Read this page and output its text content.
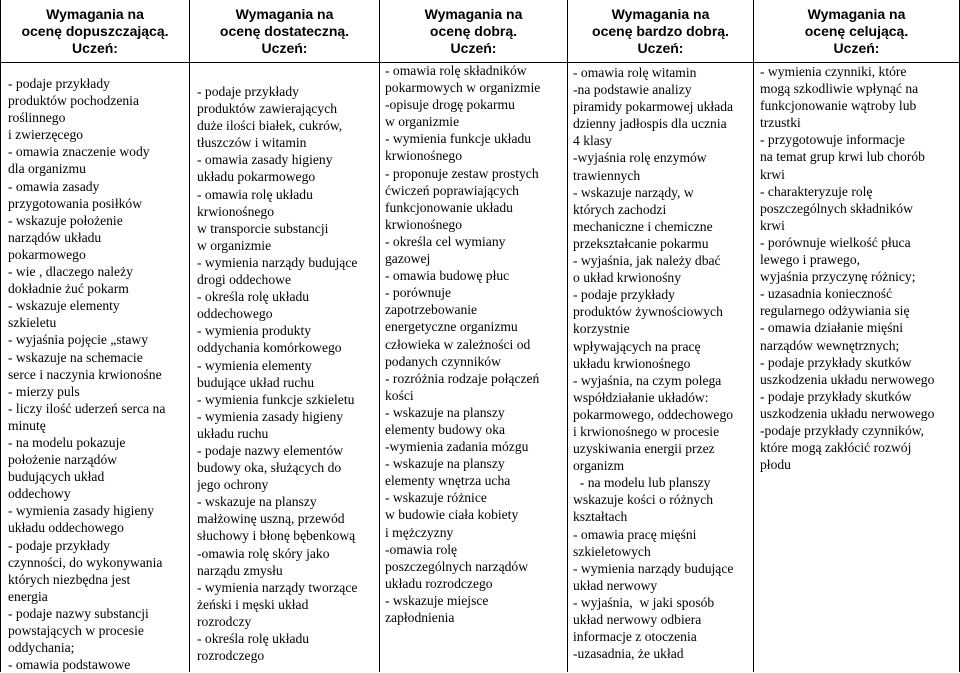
Wymagania na
ocenę dopuszczającą.
Uczeń:
- podaje przykłady
produktów pochodzenia
roślinnego
i zwierzęcego
- omawia znaczenie wody
dla organizmu
- omawia zasady
przygotowania posiłków
- wskazuje położenie
narządów układu
pokarmowego
- wie , dlaczego należy
dokładnie żuć pokarm
- wskazuje elementy
szkieletu
- wyjaśnia pojęcie „stawy
- wskazuje na schemacie
serce i naczynia krwionośne
- mierzy puls
- liczy ilość uderzeń serca na
minutę
- na modelu pokazuje
położenie narządów
budujących układ
oddechowy
- wymienia zasady higieny
układu oddechowego
- podaje przykłady
czynności, do wykonywania
których niezbędna jest
energia
- podaje nazwy substancji
powstających w procesie
oddychania;
- omawia podstawowe
Wymagania na
ocenę dostateczną.
Uczeń:
- podaje przykłady
produktów zawierających
duże ilości białek, cukrów,
tłuszczów i witamin
- omawia zasady higieny
układu pokarmowego
- omawia rolę układu
krwionośnego
w transporcie substancji
w organizmie
- wymienia narządy budujące
drogi oddechowe
- określa rolę układu
oddechowego
- wymienia produkty
oddychania komórkowego
- wymienia elementy
budujące układ ruchu
- wymienia funkcje szkieletu
- wymienia zasady higieny
układu ruchu
- podaje nazwy elementów
budowy oka, służących do
jego ochrony
- wskazuje na planszy
małżowinę uszną, przewód
słuchowy i błonę bębenkową
-omawia rolę skóry jako
narządu zmysłu
- wymienia narządy tworzące
żeński i męski układ
rozrodczy
- określa rolę układu
rozrodczego
Wymagania na
ocenę dobrą.
Uczeń:
- omawia rolę składników
pokarmowych w organizmie
-opisuje drogę pokarmu
w organizmie
- wymienia funkcje układu
krwionośnego
- proponuje zestaw prostych
ćwiczeń poprawiających
funkcjonowanie układu
krwionośnego
- określa cel wymiany
gazowej
- omawia budowę płuc
- porównuje
zapotrzebowanie
energetyczne organizmu
człowieka w zależności od
podanych czynników
- rozróżnia rodzaje połączeń
kości
- wskazuje na planszy
elementy budowy oka
-wymienia zadania mózgu
- wskazuje na planszy
elementy wnętrza ucha
- wskazuje różnice
w budowie ciała kobiety
i mężczyzny
-omawia rolę
poszczególnych narządów
układu rozrodczego
- wskazuje miejsce
zapłodnienia
Wymagania na
ocenę bardzo dobrą.
Uczeń:
- omawia rolę witamin
-na podstawie analizy
piramidy pokarmowej układa
dzienny jadłospis dla ucznia
4 klasy
-wyjaśnia rolę enzymów
trawiennych
- wskazuje narządy, w
których zachodzi
mechaniczne i chemiczne
przekształcanie pokarmu
- wyjaśnia, jak należy dbać
o układ krwionośny
- podaje przykłady
produktów żywnościowych
korzystnie
wpływających na pracę
układu krwionośnego
- wyjaśnia, na czym polega
współdziałanie układów:
pokarmowego, oddechowego
i krwionośnego w procesie
uzyskiwania energii przez
organizm
- na modelu lub planszy
wskazuje kości o różnych
kształtach
- omawia pracę mięśni
szkieletowych
- wymienia narządy budujące
układ nerwowy
- wyjaśnia,  w jaki sposób
układ nerwowy odbiera
informacje z otoczenia
-uzasadnia, że układ
Wymagania na
ocenę celującą.
Uczeń:
- wymienia czynniki, które
mogą szkodliwie wpłynąć na
funkcjonowanie wątroby lub
trzustki
- przygotowuje informacje
na temat grup krwi lub chorób
krwi
- charakteryzuje rolę
poszczególnych składników
krwi
- porównuje wielkość płuca
lewego i prawego,
wyjaśnia przyczynę różnicy;
- uzasadnia konieczność
regularnego odżywiania się
- omawia działanie mięśni
narządów wewnętrznych;
- podaje przykłady skutków
uszkodzenia układu nerwowego
- podaje przykłady skutków
uszkodzenia układu nerwowego
-podaje przykłady czynników,
które mogą zakłócić rozwój
płodu
